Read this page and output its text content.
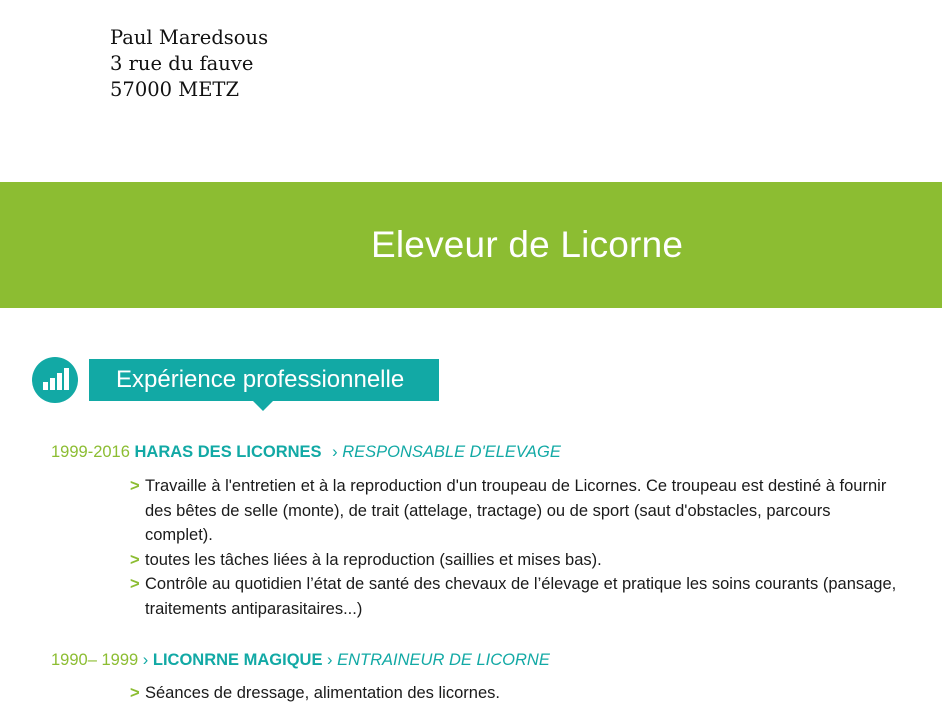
Paul Maredsous
3 rue du fauve
57000 METZ
Eleveur de Licorne
Expérience professionnelle
1999-2016 HARAS DES LICORNES › RESPONSABLE D'ELEVAGE
> Travaille à l'entretien et à la reproduction d'un troupeau de Licornes. Ce troupeau est destiné à fournir des bêtes de selle (monte), de trait (attelage, tractage) ou de sport (saut d'obstacles, parcours complet).
> toutes les tâches liées à la reproduction (saillies et mises bas).
> Contrôle au quotidien l’état de santé des chevaux de l’élevage et pratique les soins courants (pansage, traitements antiparasitaires...)
1990– 1999 › LICONRNE MAGIQUE › ENTRAINEUR DE LICORNE
> Séances de dressage, alimentation des licornes.
